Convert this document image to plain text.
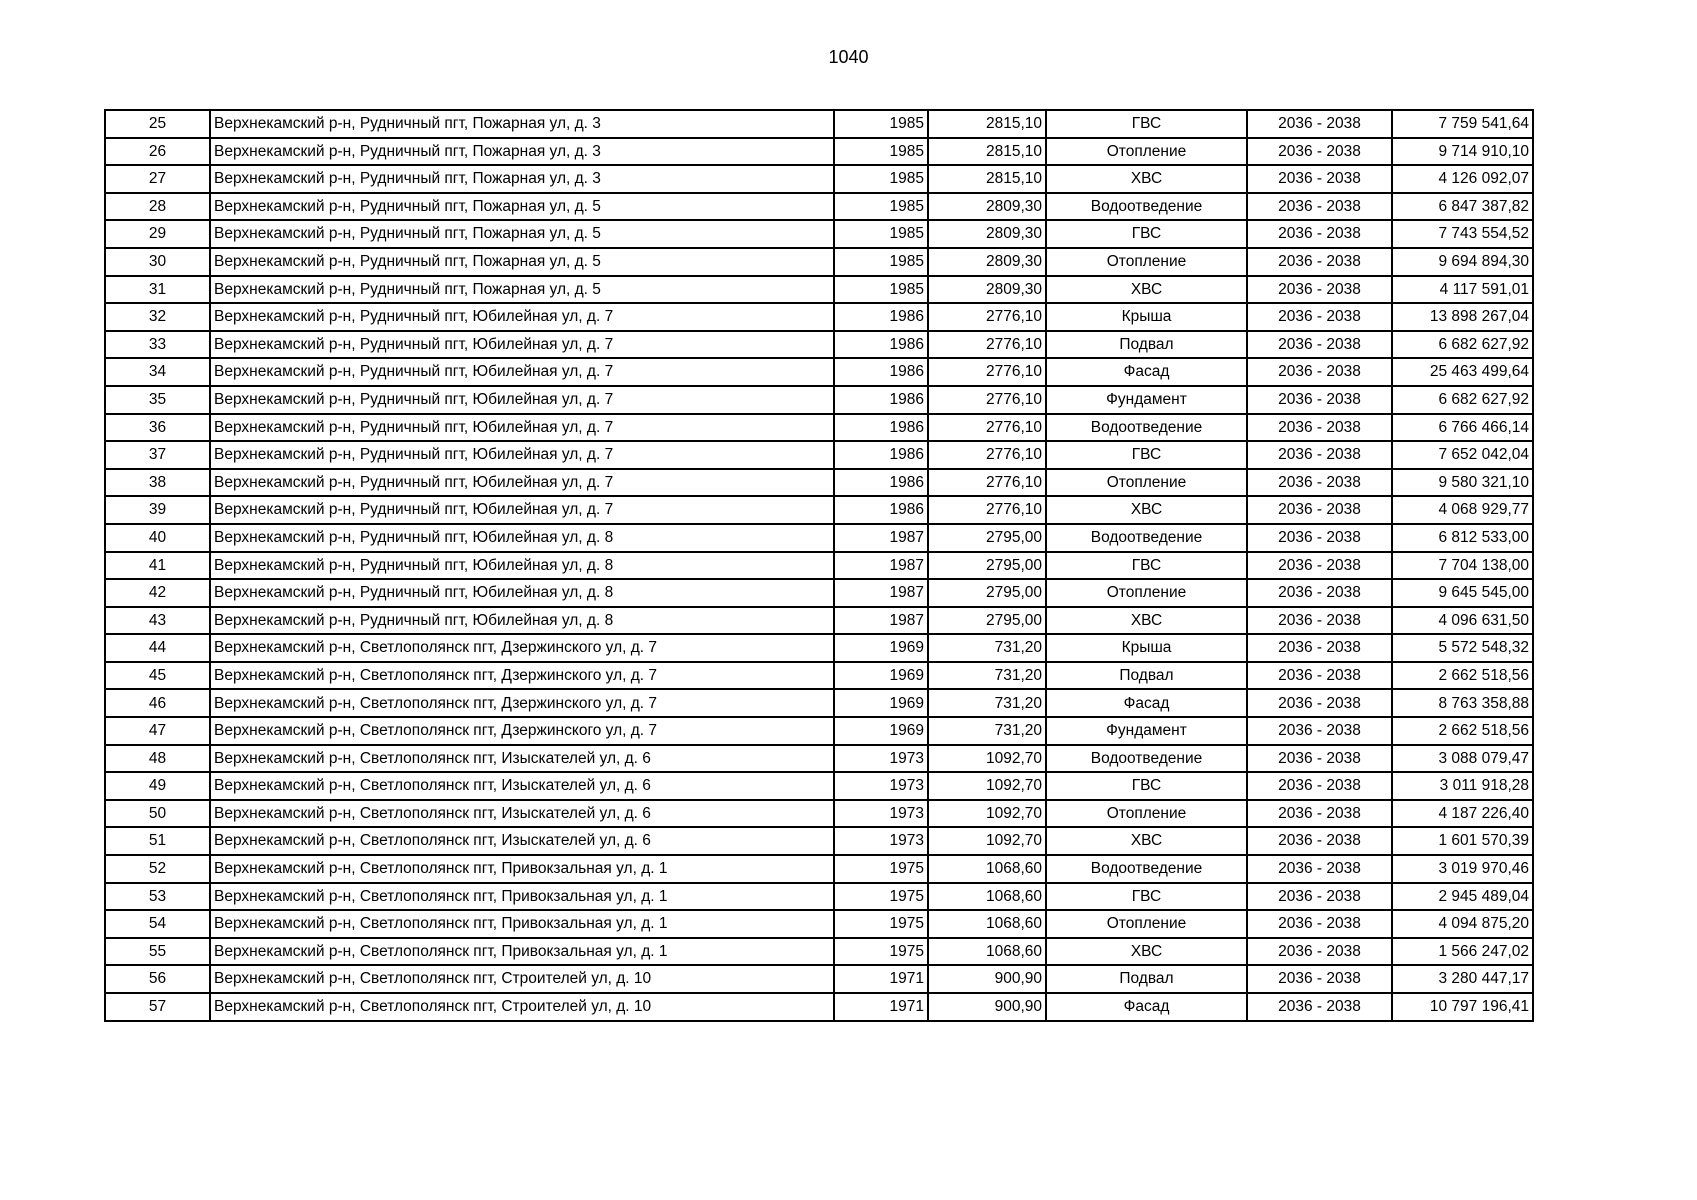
1040
25	Верхнекамский р-н, Рудничный пгт, Пожарная ул, д. 3	1985	2815,10	ГВС	2036 - 2038	7 759 541,64
26	Верхнекамский р-н, Рудничный пгт, Пожарная ул, д. 3	1985	2815,10	Отопление	2036 - 2038	9 714 910,10
27	Верхнекамский р-н, Рудничный пгт, Пожарная ул, д. 3	1985	2815,10	ХВС	2036 - 2038	4 126 092,07
28	Верхнекамский р-н, Рудничный пгт, Пожарная ул, д. 5	1985	2809,30	Водоотведение	2036 - 2038	6 847 387,82
29	Верхнекамский р-н, Рудничный пгт, Пожарная ул, д. 5	1985	2809,30	ГВС	2036 - 2038	7 743 554,52
30	Верхнекамский р-н, Рудничный пгт, Пожарная ул, д. 5	1985	2809,30	Отопление	2036 - 2038	9 694 894,30
31	Верхнекамский р-н, Рудничный пгт, Пожарная ул, д. 5	1985	2809,30	ХВС	2036 - 2038	4 117 591,01
32	Верхнекамский р-н, Рудничный пгт, Юбилейная ул, д. 7	1986	2776,10	Крыша	2036 - 2038	13 898 267,04
33	Верхнекамский р-н, Рудничный пгт, Юбилейная ул, д. 7	1986	2776,10	Подвал	2036 - 2038	6 682 627,92
34	Верхнекамский р-н, Рудничный пгт, Юбилейная ул, д. 7	1986	2776,10	Фасад	2036 - 2038	25 463 499,64
35	Верхнекамский р-н, Рудничный пгт, Юбилейная ул, д. 7	1986	2776,10	Фундамент	2036 - 2038	6 682 627,92
36	Верхнекамский р-н, Рудничный пгт, Юбилейная ул, д. 7	1986	2776,10	Водоотведение	2036 - 2038	6 766 466,14
37	Верхнекамский р-н, Рудничный пгт, Юбилейная ул, д. 7	1986	2776,10	ГВС	2036 - 2038	7 652 042,04
38	Верхнекамский р-н, Рудничный пгт, Юбилейная ул, д. 7	1986	2776,10	Отопление	2036 - 2038	9 580 321,10
39	Верхнекамский р-н, Рудничный пгт, Юбилейная ул, д. 7	1986	2776,10	ХВС	2036 - 2038	4 068 929,77
40	Верхнекамский р-н, Рудничный пгт, Юбилейная ул, д. 8	1987	2795,00	Водоотведение	2036 - 2038	6 812 533,00
41	Верхнекамский р-н, Рудничный пгт, Юбилейная ул, д. 8	1987	2795,00	ГВС	2036 - 2038	7 704 138,00
42	Верхнекамский р-н, Рудничный пгт, Юбилейная ул, д. 8	1987	2795,00	Отопление	2036 - 2038	9 645 545,00
43	Верхнекамский р-н, Рудничный пгт, Юбилейная ул, д. 8	1987	2795,00	ХВС	2036 - 2038	4 096 631,50
44	Верхнекамский р-н, Светлополянск пгт, Дзержинского ул, д. 7	1969	731,20	Крыша	2036 - 2038	5 572 548,32
45	Верхнекамский р-н, Светлополянск пгт, Дзержинского ул, д. 7	1969	731,20	Подвал	2036 - 2038	2 662 518,56
46	Верхнекамский р-н, Светлополянск пгт, Дзержинского ул, д. 7	1969	731,20	Фасад	2036 - 2038	8 763 358,88
47	Верхнекамский р-н, Светлополянск пгт, Дзержинского ул, д. 7	1969	731,20	Фундамент	2036 - 2038	2 662 518,56
48	Верхнекамский р-н, Светлополянск пгт, Изыскателей ул, д. 6	1973	1092,70	Водоотведение	2036 - 2038	3 088 079,47
49	Верхнекамский р-н, Светлополянск пгт, Изыскателей ул, д. 6	1973	1092,70	ГВС	2036 - 2038	3 011 918,28
50	Верхнекамский р-н, Светлополянск пгт, Изыскателей ул, д. 6	1973	1092,70	Отопление	2036 - 2038	4 187 226,40
51	Верхнекамский р-н, Светлополянск пгт, Изыскателей ул, д. 6	1973	1092,70	ХВС	2036 - 2038	1 601 570,39
52	Верхнекамский р-н, Светлополянск пгт, Привокзальная ул, д. 1	1975	1068,60	Водоотведение	2036 - 2038	3 019 970,46
53	Верхнекамский р-н, Светлополянск пгт, Привокзальная ул, д. 1	1975	1068,60	ГВС	2036 - 2038	2 945 489,04
54	Верхнекамский р-н, Светлополянск пгт, Привокзальная ул, д. 1	1975	1068,60	Отопление	2036 - 2038	4 094 875,20
55	Верхнекамский р-н, Светлополянск пгт, Привокзальная ул, д. 1	1975	1068,60	ХВС	2036 - 2038	1 566 247,02
56	Верхнекамский р-н, Светлополянск пгт, Строителей ул, д. 10	1971	900,90	Подвал	2036 - 2038	3 280 447,17
57	Верхнекамский р-н, Светлополянск пгт, Строителей ул, д. 10	1971	900,90	Фасад	2036 - 2038	10 797 196,41
